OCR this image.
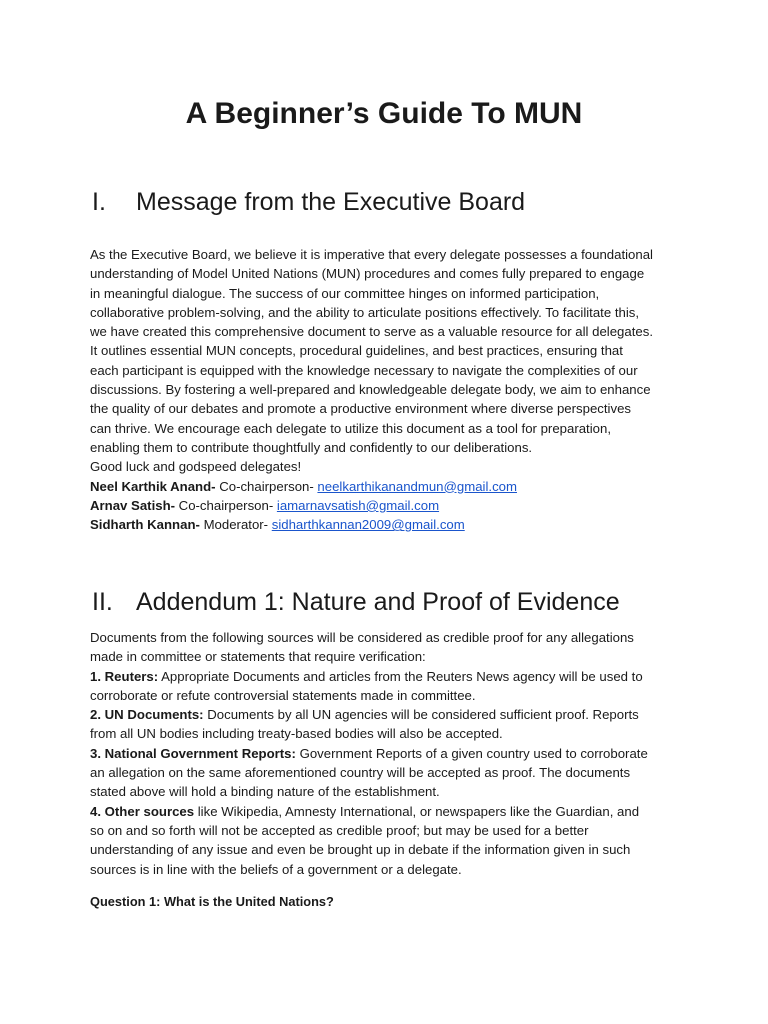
A Beginner’s Guide To MUN
I. Message from the Executive Board
As the Executive Board, we believe it is imperative that every delegate possesses a foundational
understanding of Model United Nations (MUN) procedures and comes fully prepared to engage
in meaningful dialogue. The success of our committee hinges on informed participation,
collaborative problem-solving, and the ability to articulate positions effectively. To facilitate this,
we have created this comprehensive document to serve as a valuable resource for all delegates.
It outlines essential MUN concepts, procedural guidelines, and best practices, ensuring that
each participant is equipped with the knowledge necessary to navigate the complexities of our
discussions. By fostering a well-prepared and knowledgeable delegate body, we aim to enhance
the quality of our debates and promote a productive environment where diverse perspectives
can thrive. We encourage each delegate to utilize this document as a tool for preparation,
enabling them to contribute thoughtfully and confidently to our deliberations.
Good luck and godspeed delegates!
Neel Karthik Anand- Co-chairperson- neelkarthikanandmun@gmail.com
Arnav Satish- Co-chairperson- iamarnavsatish@gmail.com
Sidharth Kannan- Moderator- sidharthkannan2009@gmail.com
II. Addendum 1: Nature and Proof of Evidence
Documents from the following sources will be considered as credible proof for any allegations
made in committee or statements that require verification:
1. Reuters: Appropriate Documents and articles from the Reuters News agency will be used to
corroborate or refute controversial statements made in committee.
2. UN Documents: Documents by all UN agencies will be considered sufficient proof. Reports
from all UN bodies including treaty-based bodies will also be accepted.
3. National Government Reports: Government Reports of a given country used to corroborate
an allegation on the same aforementioned country will be accepted as proof. The documents
stated above will hold a binding nature of the establishment.
4. Other sources like Wikipedia, Amnesty International, or newspapers like the Guardian, and
so on and so forth will not be accepted as credible proof; but may be used for a better
understanding of any issue and even be brought up in debate if the information given in such
sources is in line with the beliefs of a government or a delegate.

Question 1: What is the United Nations?
